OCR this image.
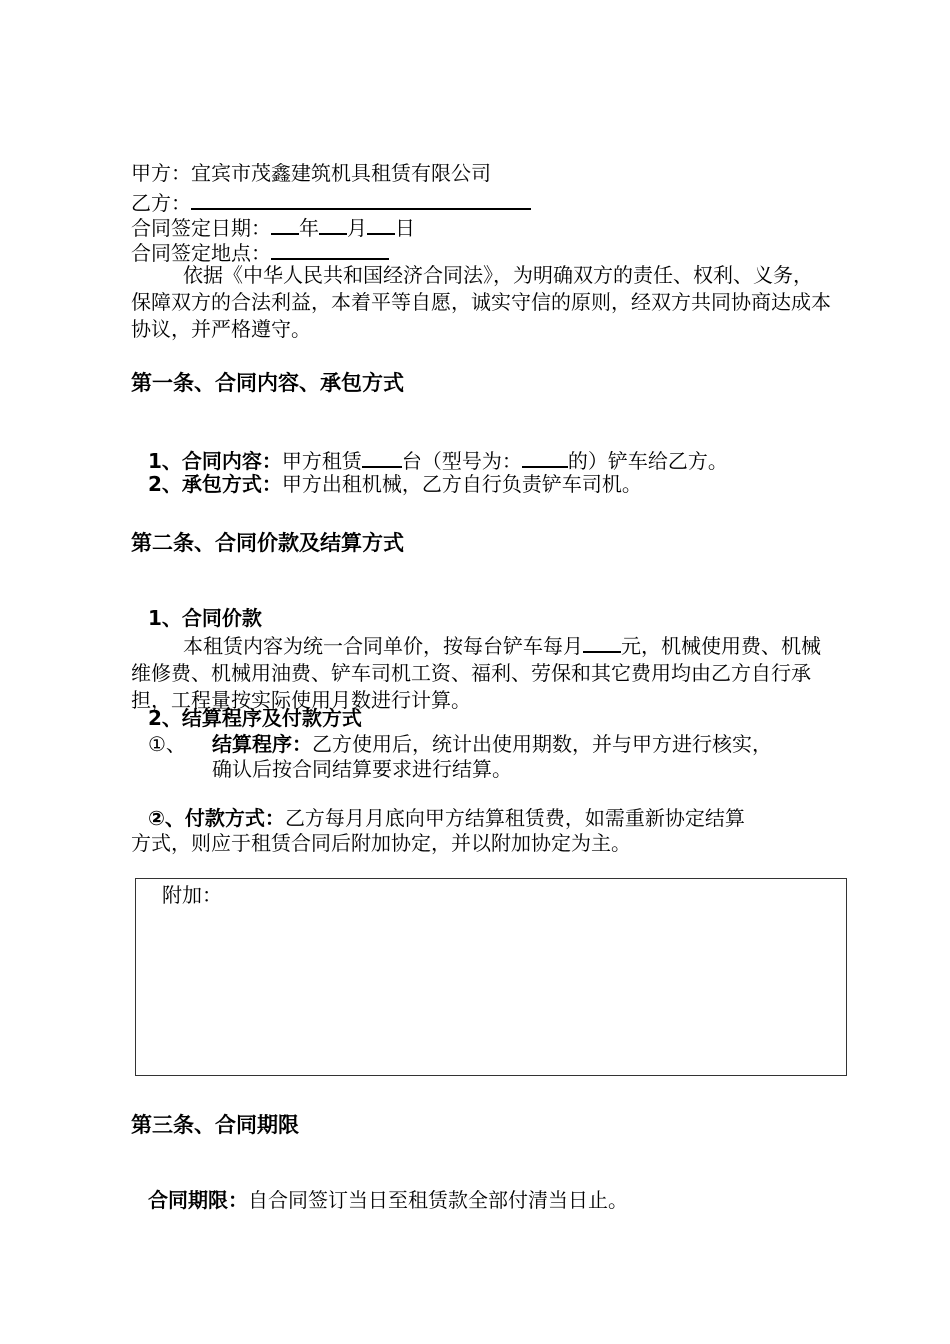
甲方：宜宾市茂鑫建筑机具租赁有限公司
乙方：
合同签定日期： 年 月 日
合同签定地点：
依据《中华人民共和国经济合同法》，为明确双方的责任、权利、义务，保障双方的合法利益，本着平等自愿，诚实守信的原则，经双方共同协商达成本协议，并严格遵守。
第一条、合同内容、承包方式
1、合同内容：甲方租赁 台（型号为： 的）铲车给乙方。
2、承包方式：甲方出租机械，乙方自行负责铲车司机。
第二条、合同价款及结算方式
1、合同价款
本租赁内容为统一合同单价，按每台铲车每月 元，机械使用费、机械维修费、机械用油费、铲车司机工资、福利、劳保和其它费用均由乙方自行承担，工程量按实际使用月数进行计算。
2、结算程序及付款方式
①、 结算程序：乙方使用后，统计出使用期数，并与甲方进行核实，
确认后按合同结算要求进行结算。
②、付款方式：乙方每月月底向甲方结算租赁费，如需重新协定结算
方式，则应于租赁合同后附加协定，并以附加协定为主。
附加：
第三条、合同期限
合同期限：自合同签订当日至租赁款全部付清当日止。
